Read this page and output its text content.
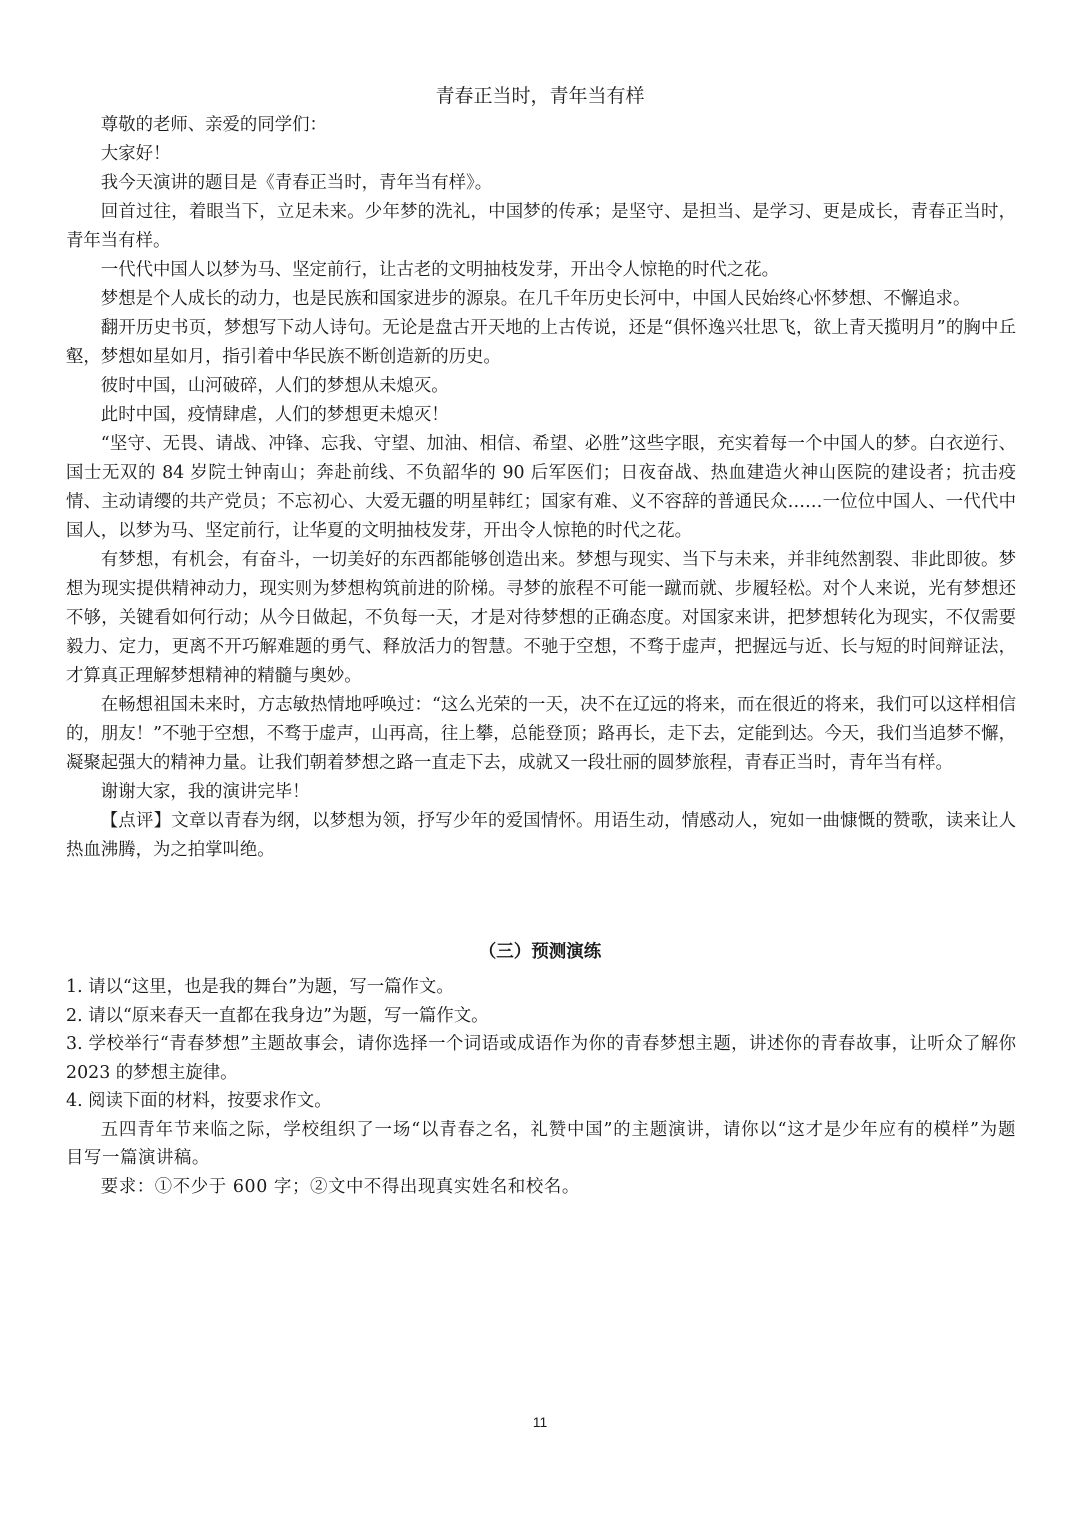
青春正当时，青年当有样

尊敬的老师、亲爱的同学们：

大家好！

我今天演讲的题目是《青春正当时，青年当有样》。

回首过往，着眼当下，立足未来。少年梦的洗礼，中国梦的传承；是坚守、是担当、是学习、更是成长，青春正当时，青年当有样。

一代代中国人以梦为马、坚定前行，让古老的文明抽枝发芽，开出令人惊艳的时代之花。

梦想是个人成长的动力，也是民族和国家进步的源泉。在几千年历史长河中，中国人民始终心怀梦想、不懈追求。

翻开历史书页，梦想写下动人诗句。无论是盘古开天地的上古传说，还是“俱怀逸兴壮思飞，欲上青天揽明月”的胸中丘壑，梦想如星如月，指引着中华民族不断创造新的历史。

彼时中国，山河破碎，人们的梦想从未熄灭。

此时中国，疫情肆虐，人们的梦想更未熄灭！

“坚守、无畏、请战、冲锋、忘我、守望、加油、相信、希望、必胜”这些字眼，充实着每一个中国人的梦。白衣逆行、国士无双的 84 岁院士钟南山；奔赴前线、不负韶华的 90 后军医们；日夜奋战、热血建造火神山医院的建设者；抗击疫情、主动请缨的共产党员；不忘初心、大爱无疆的明星韩红；国家有难、义不容辞的普通民众……一位位中国人、一代代中国人，以梦为马、坚定前行，让华夏的文明抽枝发芽，开出令人惊艳的时代之花。

有梦想，有机会，有奋斗，一切美好的东西都能够创造出来。梦想与现实、当下与未来，并非纯然割裂、非此即彼。梦想为现实提供精神动力，现实则为梦想构筑前进的阶梯。寻梦的旅程不可能一蹴而就、步履轻松。对个人来说，光有梦想还不够，关键看如何行动；从今日做起，不负每一天，才是对待梦想的正确态度。对国家来讲，把梦想转化为现实，不仅需要毅力、定力，更离不开巧解难题的勇气、释放活力的智慧。不驰于空想，不骛于虚声，把握远与近、长与短的时间辩证法，才算真正理解梦想精神的精髓与奥妙。

在畅想祖国未来时，方志敏热情地呼唤过：“这么光荣的一天，决不在辽远的将来，而在很近的将来，我们可以这样相信的，朋友！”不驰于空想，不骛于虚声，山再高，往上攀，总能登顶；路再长，走下去，定能到达。今天，我们当追梦不懈，凝聚起强大的精神力量。让我们朝着梦想之路一直走下去，成就又一段壮丽的圆梦旅程，青春正当时，青年当有样。

谢谢大家，我的演讲完毕！

【点评】文章以青春为纲，以梦想为领，抒写少年的爱国情怀。用语生动，情感动人，宛如一曲慷慨的赞歌，读来让人热血沸腾，为之拍掌叫绝。

（三）预测演练

1. 请以“这里，也是我的舞台”为题，写一篇作文。

2. 请以“原来春天一直都在我身边”为题，写一篇作文。

3. 学校举行“青春梦想”主题故事会，请你选择一个词语或成语作为你的青春梦想主题，讲述你的青春故事，让听众了解你 2023 的梦想主旋律。

4. 阅读下面的材料，按要求作文。

五四青年节来临之际，学校组织了一场“以青春之名，礼赞中国”的主题演讲，请你以“这才是少年应有的模样”为题目写一篇演讲稿。

要求：①不少于 600 字；②文中不得出现真实姓名和校名。

11
